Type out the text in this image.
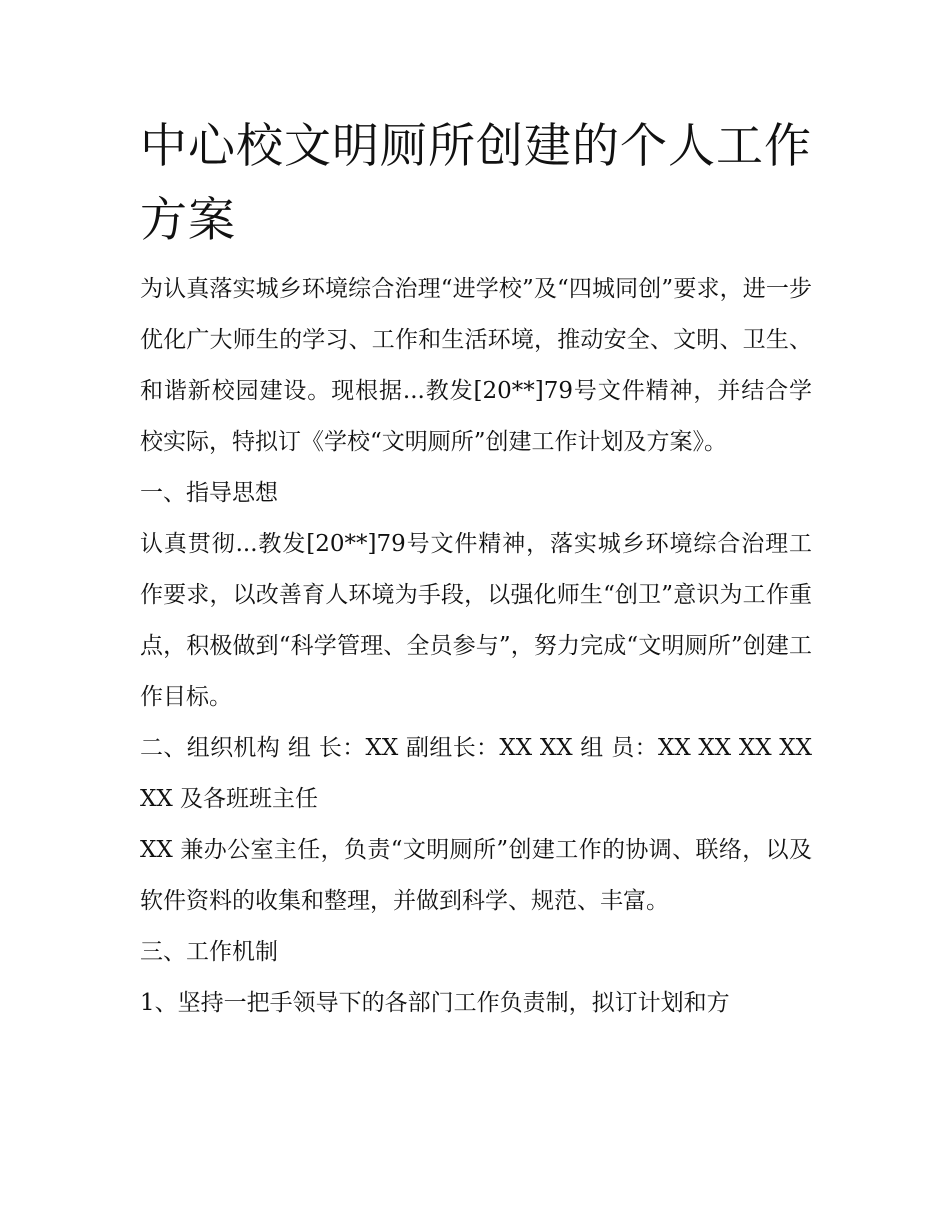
中心校文明厕所创建的个人工作方案

为认真落实城乡环境综合治理“进学校”及“四城同创”要求，进一步优化广大师生的学习、工作和生活环境，推动安全、文明、卫生、和谐新校园建设。现根据...教发[20**]79号文件精神，并结合学校实际，特拟订《学校“文明厕所”创建工作计划及方案》。

一、指导思想

认真贯彻...教发[20**]79号文件精神，落实城乡环境综合治理工作要求，以改善育人环境为手段，以强化师生“创卫”意识为工作重点，积极做到“科学管理、全员参与”，努力完成“文明厕所”创建工作目标。

二、组织机构 组 长：XX 副组长：XX XX 组 员：XX XX XX XX XX 及各班班主任

XX 兼办公室主任，负责“文明厕所”创建工作的协调、联络，以及软件资料的收集和整理，并做到科学、规范、丰富。

三、工作机制

1、坚持一把手领导下的各部门工作负责制，拟订计划和方
